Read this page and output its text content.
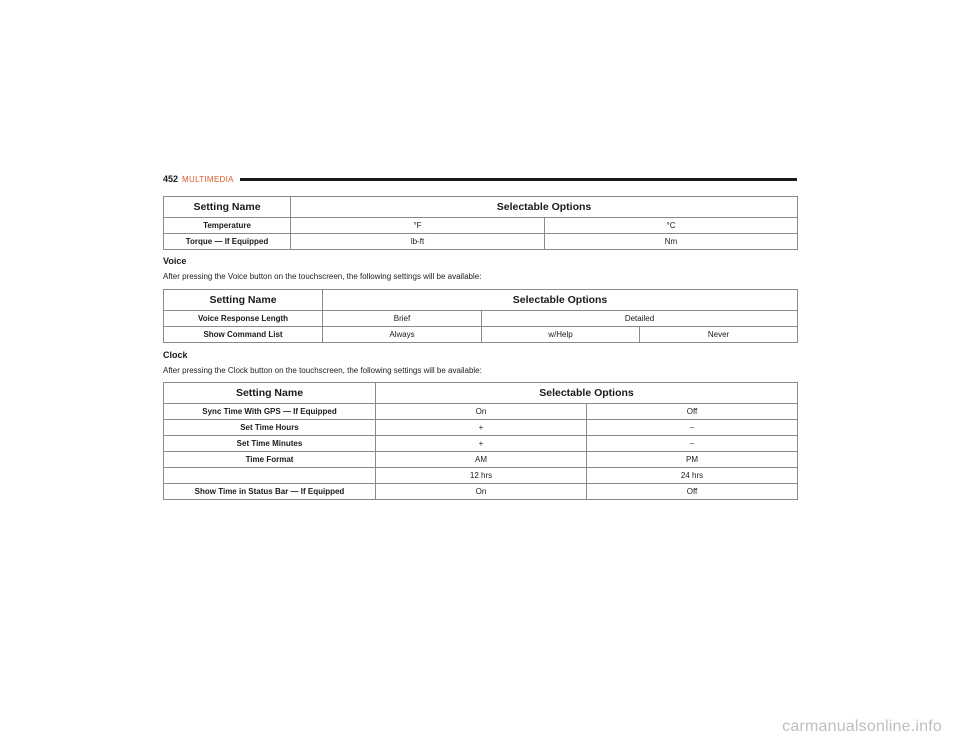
452 MULTIMEDIA
Setting Name	Selectable Options	
Temperature	°F	°C
Torque — If Equipped	lb-ft	Nm
Voice
After pressing the Voice button on the touchscreen, the following settings will be available:
Setting Name	Selectable Options		
Voice Response Length	Brief	Detailed	
Show Command List	Always	w/Help	Never
Clock
After pressing the Clock button on the touchscreen, the following settings will be available:
Setting Name	Selectable Options	
Sync Time With GPS — If Equipped	On	Off
Set Time Hours	+	–
Set Time Minutes	+	–
Time Format	AM	PM
	12 hrs	24 hrs
Show Time in Status Bar — If Equipped	On	Off
carmanualsonline.info
